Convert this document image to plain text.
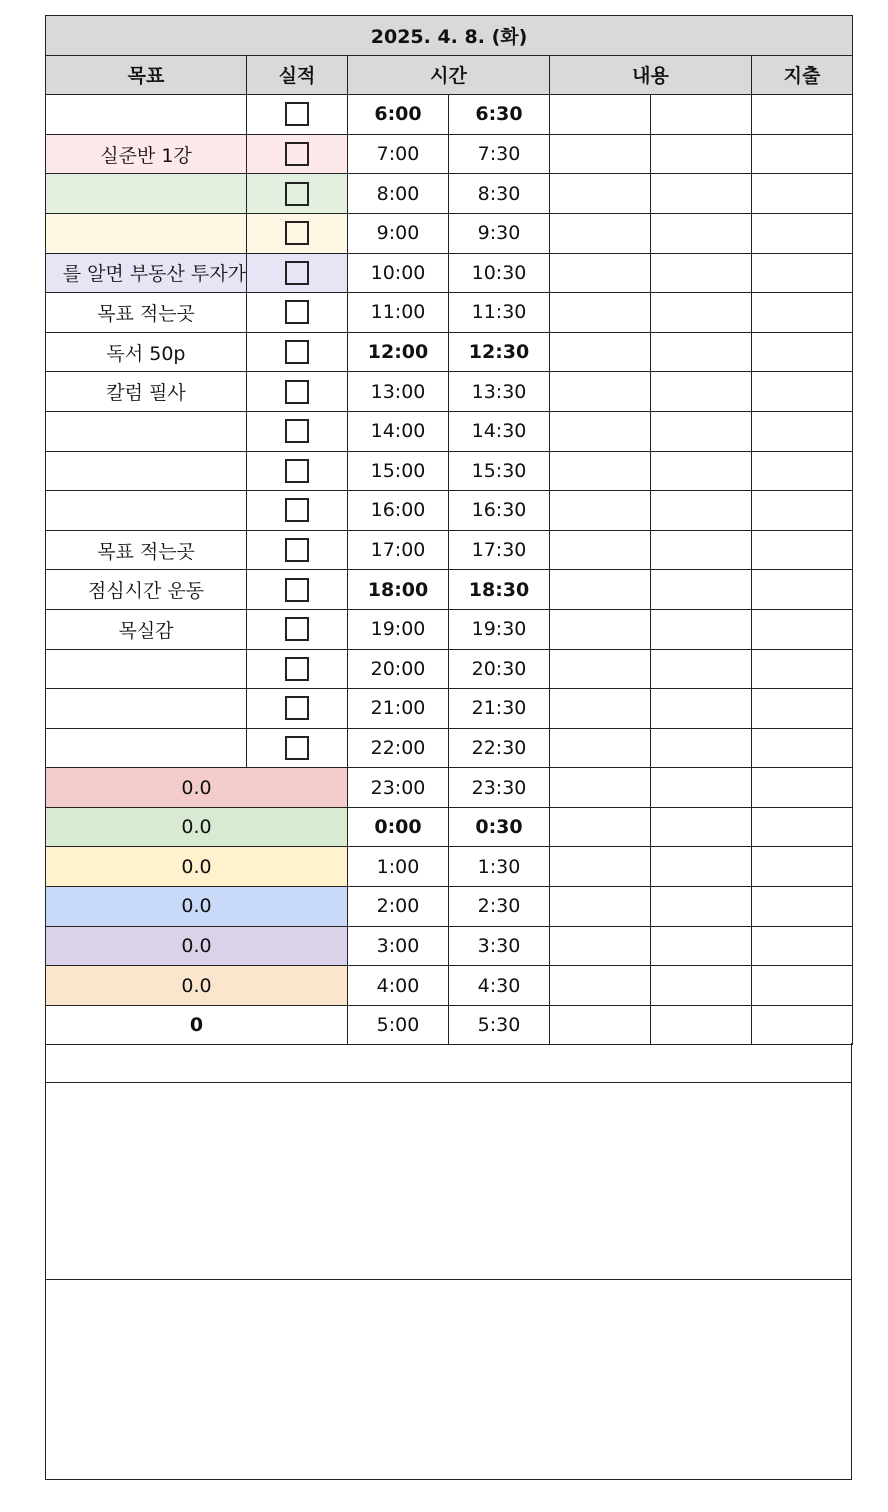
2025. 4. 8. (화)						
목표	실적	시간		내용		지출
		6:00	6:30			
실준반 1강		7:00	7:30			
		8:00	8:30			
		9:00	9:30			
를 알면 부동산 투자가		10:00	10:30			
목표 적는곳		11:00	11:30			
독서 50p		12:00	12:30			
칼럼 필사		13:00	13:30			
		14:00	14:30			
		15:00	15:30			
		16:00	16:30			
목표 적는곳		17:00	17:30			
점심시간 운동		18:00	18:30			
목실감		19:00	19:30			
		20:00	20:30			
		21:00	21:30			
		22:00	22:30			
0.0		23:00	23:30			
0.0		0:00	0:30			
0.0		1:00	1:30			
0.0		2:00	2:30			
0.0		3:00	3:30			
0.0		4:00	4:30			
0		5:00	5:30			
